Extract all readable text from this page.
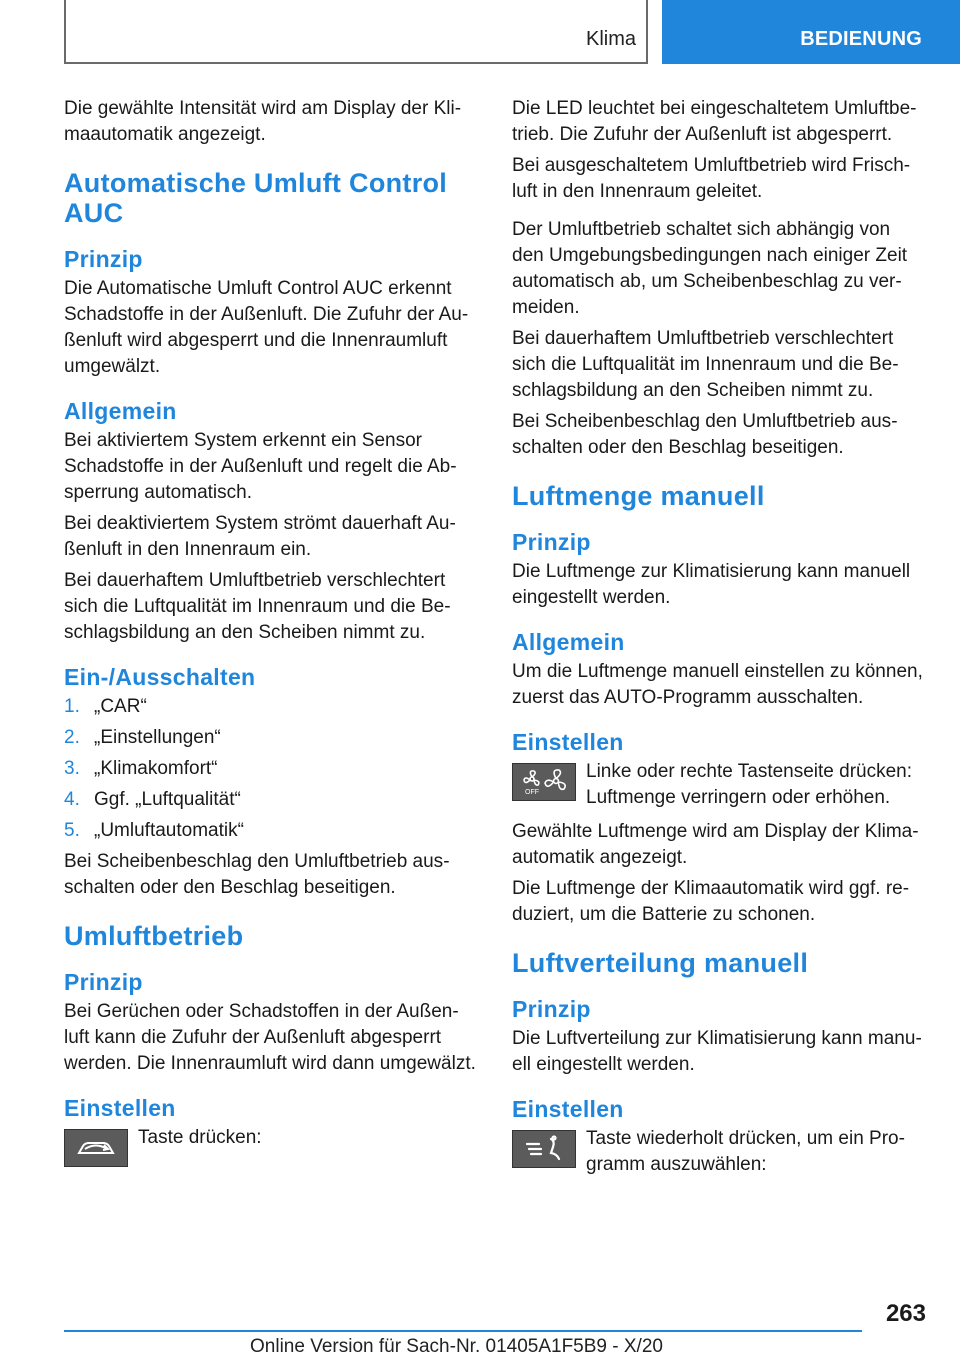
Klima	BEDIENUNG

Die gewählte Intensität wird am Display der Klimaautomatik angezeigt.

Automatische Umluft Control AUC
Prinzip

Die Automatische Umluft Control AUC erkennt Schadstoffe in der Außenluft. Die Zufuhr der Außenluft wird abgesperrt und die Innenraumluft umgewälzt.

Allgemein

Bei aktiviertem System erkennt ein Sensor Schadstoffe in der Außenluft und regelt die Absperrung automatisch.

Bei deaktiviertem System strömt dauerhaft Außenluft in den Innenraum ein.

Bei dauerhaftem Umluftbetrieb verschlechtert sich die Luftqualität im Innenraum und die Beschlagsbildung an den Scheiben nimmt zu.

Ein-/Ausschalten
1. „CAR“
2. „Einstellungen“
3. „Klimakomfort“
4. Ggf. „Luftqualität“
5. „Umluftautomatik“

Bei Scheibenbeschlag den Umluftbetrieb ausschalten oder den Beschlag beseitigen.

Umluftbetrieb
Prinzip

Bei Gerüchen oder Schadstoffen in der Außenluft kann die Zufuhr der Außenluft abgesperrt werden. Die Innenraumluft wird dann umgewälzt.

Einstellen

Taste drücken:

Die LED leuchtet bei eingeschaltetem Umluftbetrieb. Die Zufuhr der Außenluft ist abgesperrt.

Bei ausgeschaltetem Umluftbetrieb wird Frischluft in den Innenraum geleitet.

Der Umluftbetrieb schaltet sich abhängig von den Umgebungsbedingungen nach einiger Zeit automatisch ab, um Scheibenbeschlag zu vermeiden.

Bei dauerhaftem Umluftbetrieb verschlechtert sich die Luftqualität im Innenraum und die Beschlagsbildung an den Scheiben nimmt zu.

Bei Scheibenbeschlag den Umluftbetrieb ausschalten oder den Beschlag beseitigen.

Luftmenge manuell
Prinzip

Die Luftmenge zur Klimatisierung kann manuell eingestellt werden.

Allgemein

Um die Luftmenge manuell einstellen zu können, zuerst das AUTO-Programm ausschalten.

Einstellen
OFF

Linke oder rechte Tastenseite drücken: Luftmenge verringern oder erhöhen.

Gewählte Luftmenge wird am Display der Klimaautomatik angezeigt.

Die Luftmenge der Klimaautomatik wird ggf. reduziert, um die Batterie zu schonen.

Luftverteilung manuell
Prinzip

Die Luftverteilung zur Klimatisierung kann manuell eingestellt werden.

Einstellen

Taste wiederholt drücken, um ein Programm auszuwählen:

263
Online Version für Sach-Nr. 01405A1F5B9 - X/20
